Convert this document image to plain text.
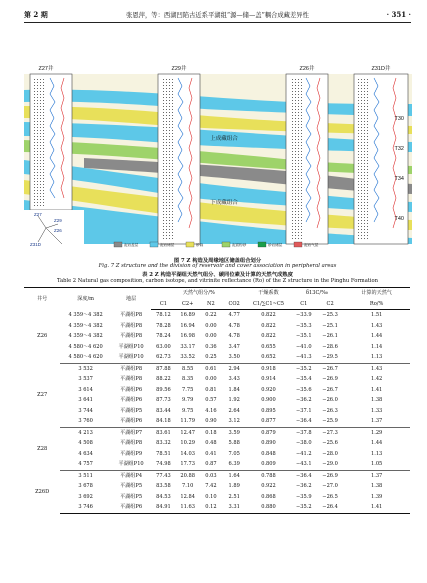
第 2 期	张恩萍，等：西湖凹陷古近系平湖组“源—储—盖”耦合成藏差异性	· 351 ·
Z27井	Z29井	Z26井	Z31D井
T30
T32
T34
T40
上成藏组合
下成藏组合
Z27
Z29
Z26
Z31D	泥岩盖层	泥岩储层	砂砾	泥质粉砂	砂岩储层	泥岩气层
图 7 Z 构造及周缘地区储盖组合划分
Fig. 7 Z structure and the division of reservoir and cover association in peripheral areas
表 2 Z 构造平湖组天然气组分、碳同位素及计算的天然气成熟度
Table 2 Natural gas composition, carbon isotope, and vitrinite reflectance (Ro) of the Z structure in the Pinghu Formation
井号	深度/m	地层	天然气组分/%				干燥系数	δ13C/‰		计算的天然气
			C1	C2+	N2	CO2	C1/∑C1~C5	C1	C2	Ro/%
Z26	4 359～4 382	平湖组P8	78.12	16.89	0.22	4.77	0.822	−33.9	−25.3	1.51
	4 359～4 382	平湖组P8	78.28	16.94	0.00	4.78	0.822	−35.3	−25.1	1.43
	4 359～4 382	平湖组P8	78.24	16.98	0.00	4.78	0.822	−35.1	−26.1	1.44
	4 580～4 620	平湖组P10	63.00	33.17	0.36	3.47	0.655	−41.0	−28.6	1.14
	4 580～4 620	平湖组P10	62.73	33.52	0.25	3.50	0.652	−41.3	−29.5	1.13
Z27	3 532	平湖组P8	87.88	8.55	0.61	2.94	0.918	−35.2	−26.7	1.43
	3 537	平湖组P8	88.22	8.35	0.00	3.43	0.914	−35.4	−26.9	1.42
	3 614	平湖组P6	89.56	7.75	0.81	1.84	0.920	−35.6	−26.7	1.41
	3 641	平湖组P6	87.73	9.79	0.57	1.92	0.900	−36.2	−26.0	1.38
	3 744	平湖组P5	83.44	9.75	4.16	2.64	0.895	−37.1	−26.3	1.33
	3 760	平湖组P6	84.18	11.79	0.90	3.12	0.877	−36.4	−25.9	1.37
Z28	4 213	平湖组P7	83.61	12.47	0.18	3.59	0.879	−37.8	−27.3	1.29
	4 508	平湖组P8	83.32	10.29	0.48	5.88	0.890	−38.0	−25.6	1.44
	4 634	平湖组P9	78.51	14.03	0.41	7.05	0.848	−41.2	−28.0	1.13
	4 757	平湖组P10	74.98	17.73	0.87	6.39	0.809	−43.1	−29.0	1.05
Z26D	3 511	平湖组P4	77.43	20.88	0.03	1.64	0.788	−36.4	−26.9	1.37
	3 678	平湖组P5	83.58	7.10	7.42	1.89	0.922	−36.2	−27.0	1.38
	3 692	平湖组P5	84.53	12.84	0.10	2.51	0.868	−35.9	−26.5	1.39
	3 746	平湖组P6	84.91	11.63	0.12	3.31	0.880	−35.2	−26.4	1.41
